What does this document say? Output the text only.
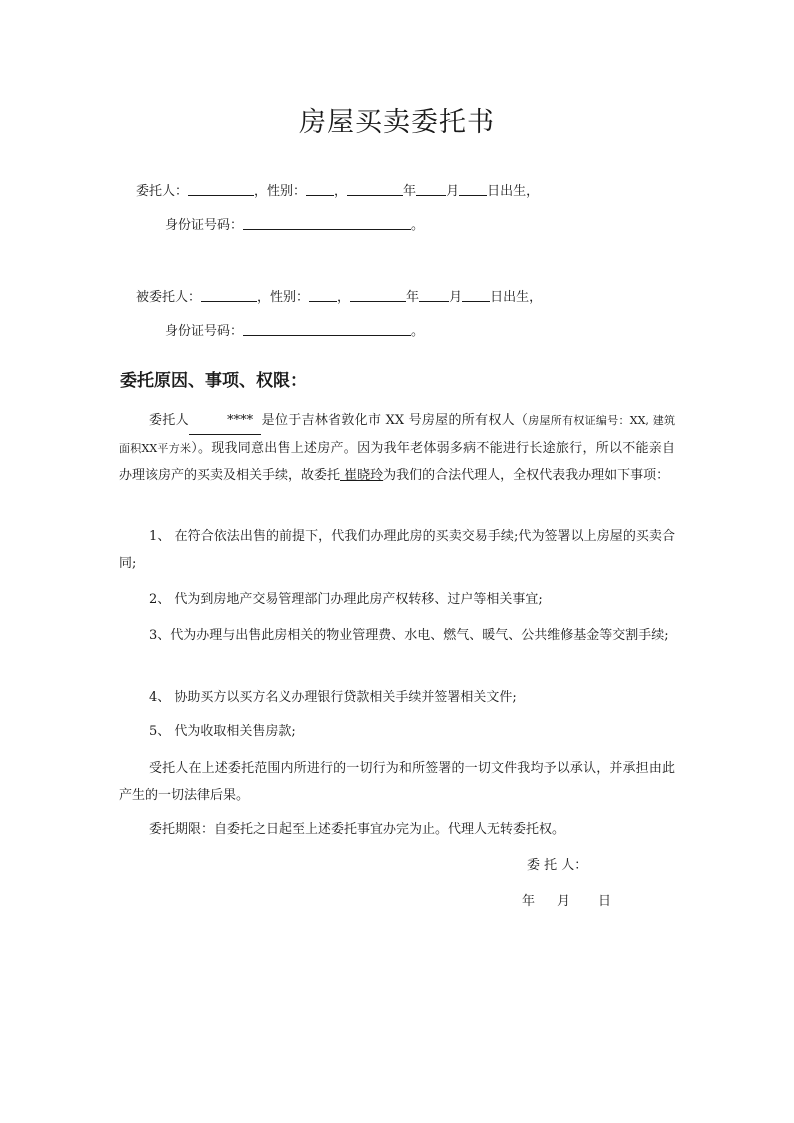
房屋买卖委托书
委托人：	，性别： ，	年 月 日出生，
身份证号码：	。
被委托人：	，性别： ，	年 月 日出生，
身份证号码：	。
委托原因、事项、权限：
委托人  ****  是位于吉林省敦化市 XX 号房屋的所有权人（房屋所有权证编号：XX, 建筑面积XX平方米）。现我同意出售上述房产。因为我年老体弱多病不能进行长途旅行，所以不能亲自办理该房产的买卖及相关手续，故委托 崔晓玲为我们的合法代理人，全权代表我办理如下事项：
1、 在符合依法出售的前提下，代我们办理此房的买卖交易手续;代为签署以上房屋的买卖合同;
2、 代为到房地产交易管理部门办理此房产权转移、过户等相关事宜;
3、代为办理与出售此房相关的物业管理费、水电、燃气、暖气、公共维修基金等交割手续;
4、 协助买方以买方名义办理银行贷款相关手续并签署相关文件;
5、 代为收取相关售房款;
受托人在上述委托范围内所进行的一切行为和所签署的一切文件我均予以承认，并承担由此产生的一切法律后果。
委托期限：自委托之日起至上述委托事宜办完为止。代理人无转委托权。
委 托 人：
年 月 日
